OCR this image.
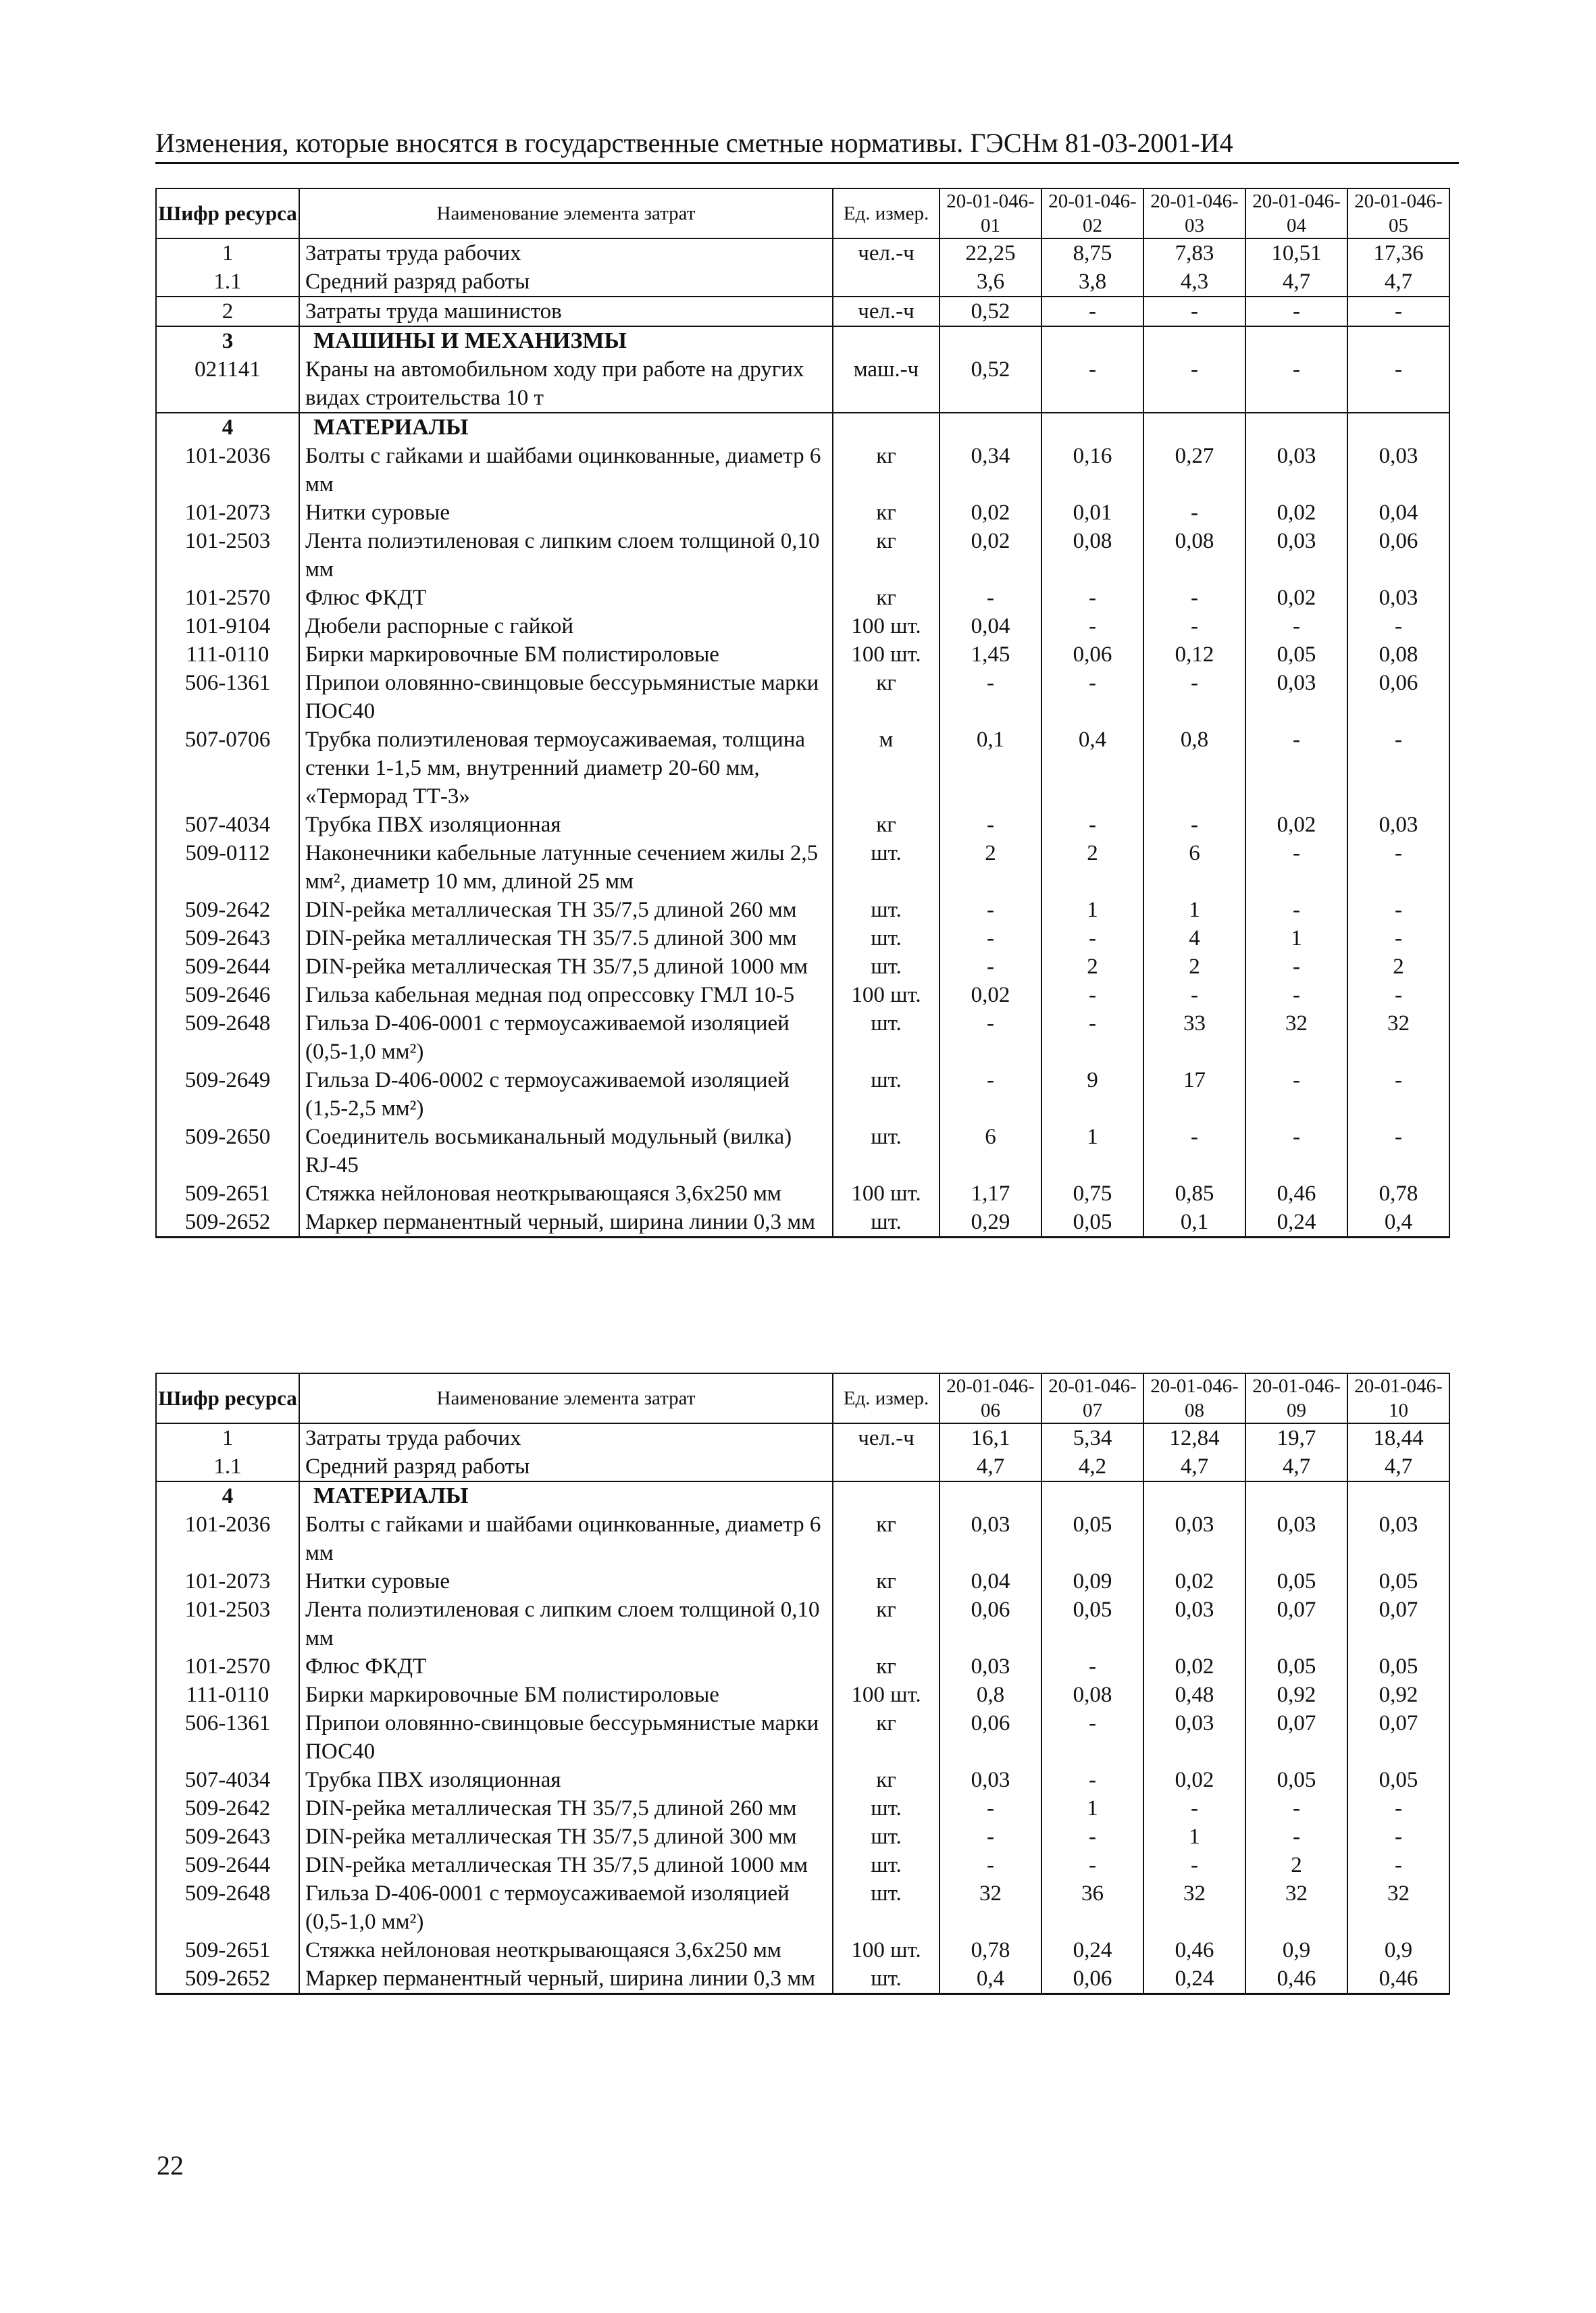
Изменения, которые вносятся в государственные сметные нормативы. ГЭСНм 81-03-2001-И4
Шифр ресурса	Наименование элемента затрат	Ед. измер.	20-01-046-01	20-01-046-02	20-01-046-03	20-01-046-04	20-01-046-05
1	Затраты труда рабочих	чел.-ч	22,25	8,75	7,83	10,51	17,36
1.1	Средний разряд работы		3,6	3,8	4,3	4,7	4,7
2	Затраты труда машинистов	чел.-ч	0,52	-	-	-	-
3	МАШИНЫ И МЕХАНИЗМЫ						
021141	Краны на автомобильном ходу при работе на других видах строительства 10 т	маш.-ч	0,52	-	-	-	-
4	МАТЕРИАЛЫ						
101-2036	Болты с гайками и шайбами оцинкованные, диаметр 6 мм	кг	0,34	0,16	0,27	0,03	0,03
101-2073	Нитки суровые	кг	0,02	0,01	-	0,02	0,04
101-2503	Лента полиэтиленовая с липким слоем толщиной 0,10 мм	кг	0,02	0,08	0,08	0,03	0,06
101-2570	Флюс ФКДТ	кг	-	-	-	0,02	0,03
101-9104	Дюбели распорные с гайкой	100 шт.	0,04	-	-	-	-
111-0110	Бирки маркировочные БМ полистироловые	100 шт.	1,45	0,06	0,12	0,05	0,08
506-1361	Припои оловянно-свинцовые бессурьмянистые марки ПОС40	кг	-	-	-	0,03	0,06
507-0706	Трубка полиэтиленовая термоусаживаемая, толщина стенки 1-1,5 мм, внутренний диаметр 20-60 мм, «Терморад ТТ-3»	м	0,1	0,4	0,8	-	-
507-4034	Трубка ПВХ изоляционная	кг	-	-	-	0,02	0,03
509-0112	Наконечники кабельные латунные сечением жилы 2,5 мм², диаметр 10 мм, длиной 25 мм	шт.	2	2	6	-	-
509-2642	DIN-рейка металлическая ТН 35/7,5 длиной 260 мм	шт.	-	1	1	-	-
509-2643	DIN-рейка металлическая ТН 35/7.5 длиной 300 мм	шт.	-	-	4	1	-
509-2644	DIN-рейка металлическая ТН 35/7,5 длиной 1000 мм	шт.	-	2	2	-	2
509-2646	Гильза кабельная медная под опрессовку ГМЛ 10-5	100 шт.	0,02	-	-	-	-
509-2648	Гильза D-406-0001 с термоусаживаемой изоляцией (0,5-1,0 мм²)	шт.	-	-	33	32	32
509-2649	Гильза D-406-0002 с термоусаживаемой изоляцией (1,5-2,5 мм²)	шт.	-	9	17	-	-
509-2650	Соединитель восьмиканальный модульный (вилка) RJ-45	шт.	6	1	-	-	-
509-2651	Стяжка нейлоновая неоткрывающаяся 3,6х250 мм	100 шт.	1,17	0,75	0,85	0,46	0,78
509-2652	Маркер перманентный черный, ширина линии 0,3 мм	шт.	0,29	0,05	0,1	0,24	0,4
Шифр ресурса	Наименование элемента затрат	Ед. измер.	20-01-046-06	20-01-046-07	20-01-046-08	20-01-046-09	20-01-046-10
1	Затраты труда рабочих	чел.-ч	16,1	5,34	12,84	19,7	18,44
1.1	Средний разряд работы		4,7	4,2	4,7	4,7	4,7
4	МАТЕРИАЛЫ						
101-2036	Болты с гайками и шайбами оцинкованные, диаметр 6 мм	кг	0,03	0,05	0,03	0,03	0,03
101-2073	Нитки суровые	кг	0,04	0,09	0,02	0,05	0,05
101-2503	Лента полиэтиленовая с липким слоем толщиной 0,10 мм	кг	0,06	0,05	0,03	0,07	0,07
101-2570	Флюс ФКДТ	кг	0,03	-	0,02	0,05	0,05
111-0110	Бирки маркировочные БМ полистироловые	100 шт.	0,8	0,08	0,48	0,92	0,92
506-1361	Припои оловянно-свинцовые бессурьмянистые марки ПОС40	кг	0,06	-	0,03	0,07	0,07
507-4034	Трубка ПВХ изоляционная	кг	0,03	-	0,02	0,05	0,05
509-2642	DIN-рейка металлическая ТН 35/7,5 длиной 260 мм	шт.	-	1	-	-	-
509-2643	DIN-рейка металлическая ТН 35/7,5 длиной 300 мм	шт.	-	-	1	-	-
509-2644	DIN-рейка металлическая ТН 35/7,5 длиной 1000 мм	шт.	-	-	-	2	-
509-2648	Гильза D-406-0001 с термоусаживаемой изоляцией (0,5-1,0 мм²)	шт.	32	36	32	32	32
509-2651	Стяжка нейлоновая неоткрывающаяся 3,6х250 мм	100 шт.	0,78	0,24	0,46	0,9	0,9
509-2652	Маркер перманентный черный, ширина линии 0,3 мм	шт.	0,4	0,06	0,24	0,46	0,46
22
